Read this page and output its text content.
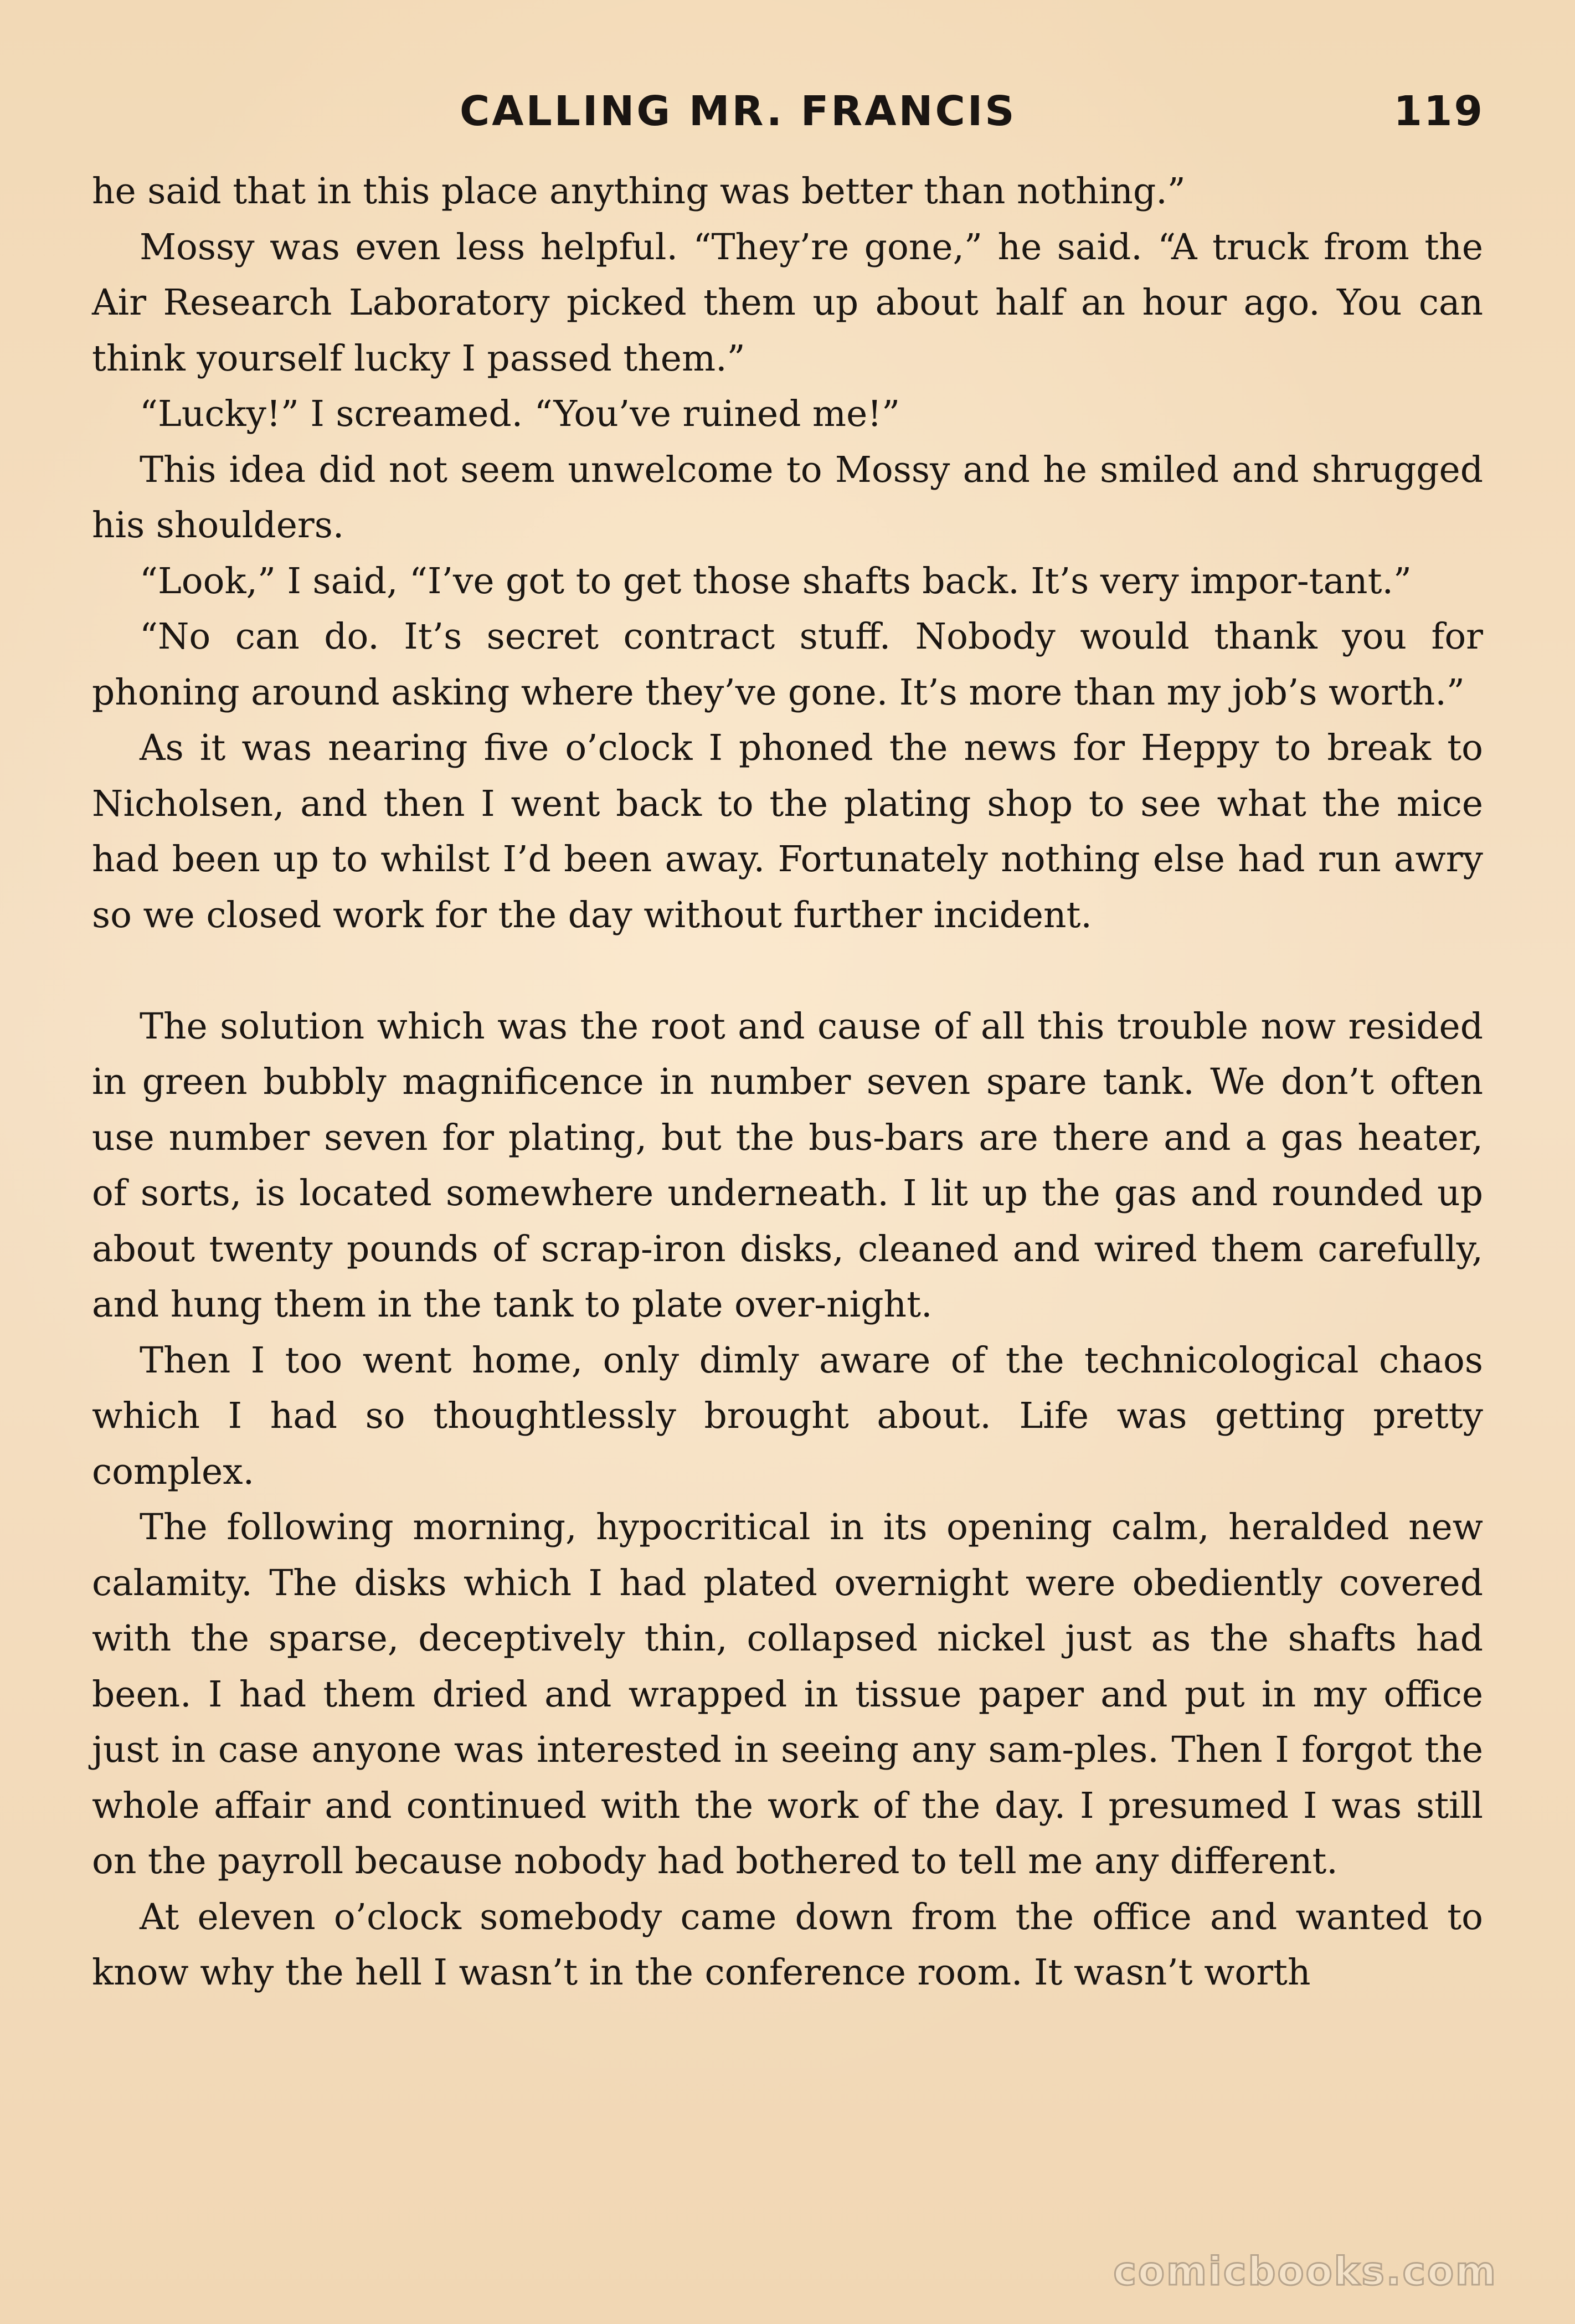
CALLING MR. FRANCIS	119

he said that in this place anything was better than nothing.”

Mossy was even less helpful. “They’re gone,” he said. “A truck from the Air Research Laboratory picked them up about half an hour ago. You can think yourself lucky I passed them.”

“Lucky!” I screamed. “You’ve ruined me!”

This idea did not seem unwelcome to Mossy and he smiled and shrugged his shoulders.

“Look,” I said, “I’ve got to get those shafts back. It’s very impor-tant.”

“No can do. It’s secret contract stuff. Nobody would thank you for phoning around asking where they’ve gone. It’s more than my job’s worth.”

As it was nearing five o’clock I phoned the news for Heppy to break to Nicholsen, and then I went back to the plating shop to see what the mice had been up to whilst I’d been away. Fortunately nothing else had run awry so we closed work for the day without further incident.

The solution which was the root and cause of all this trouble now resided in green bubbly magnificence in number seven spare tank. We don’t often use number seven for plating, but the bus-bars are there and a gas heater, of sorts, is located somewhere underneath. I lit up the gas and rounded up about twenty pounds of scrap-iron disks, cleaned and wired them carefully, and hung them in the tank to plate over-night.

Then I too went home, only dimly aware of the technicological chaos which I had so thoughtlessly brought about. Life was getting pretty complex.

The following morning, hypocritical in its opening calm, heralded new calamity. The disks which I had plated overnight were obediently covered with the sparse, deceptively thin, collapsed nickel just as the shafts had been. I had them dried and wrapped in tissue paper and put in my office just in case anyone was interested in seeing any sam-ples. Then I forgot the whole affair and continued with the work of the day. I presumed I was still on the payroll because nobody had bothered to tell me any different.

At eleven o’clock somebody came down from the office and wanted to know why the hell I wasn’t in the conference room. It wasn’t worth

comicbooks.com
